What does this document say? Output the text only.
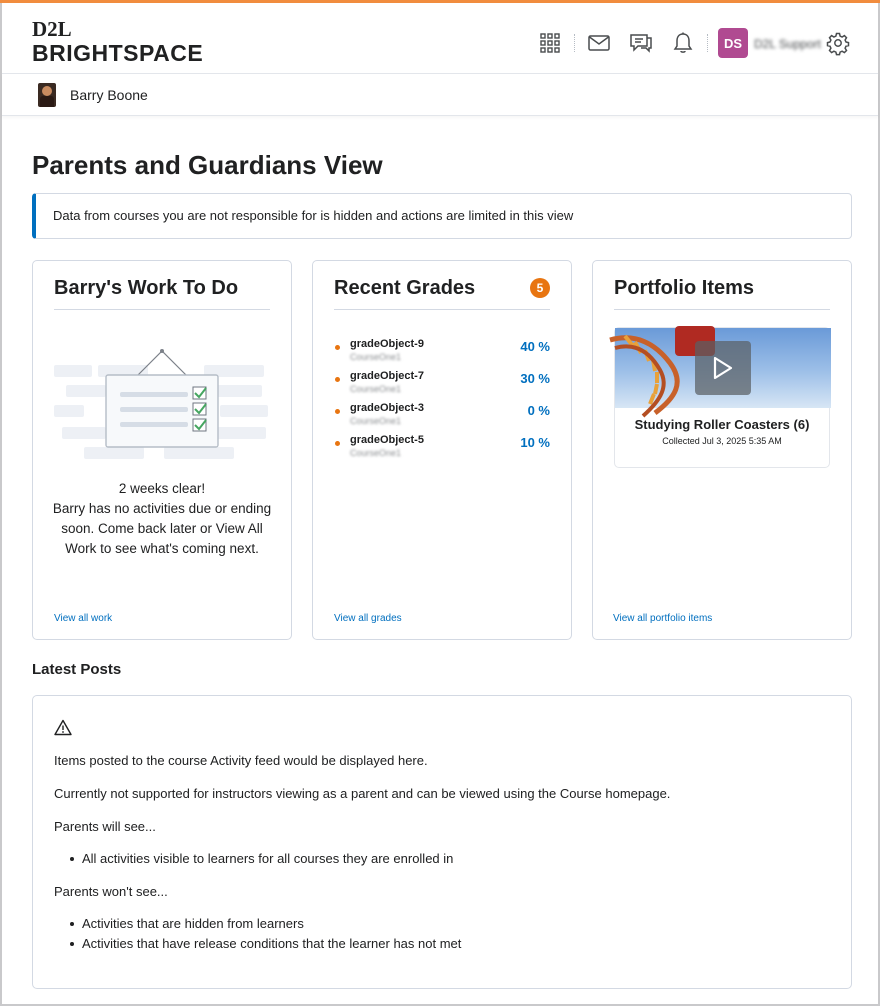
D2L
BRIGHTSPACE	DS D2L Support
Barry Boone
Parents and Guardians View
Data from courses you are not responsible for is hidden and actions are limited in this view
Barry's Work To Do
2 weeks clear!
Barry has no activities due or ending soon. Come back later or View All Work to see what's coming next.
View all work
Recent Grades	5
gradeObject-9
CourseOne1
40 %
gradeObject-7
CourseOne1
30 %
gradeObject-3
CourseOne1
0 %
gradeObject-5
CourseOne1
10 %
View all grades
Portfolio Items
Studying Roller Coasters (6)
Collected Jul 3, 2025 5:35 AM
View all portfolio items
Latest Posts

Items posted to the course Activity feed would be displayed here.

Currently not supported for instructors viewing as a parent and can be viewed using the Course homepage.

Parents will see...

All activities visible to learners for all courses they are enrolled in

Parents won't see...

Activities that are hidden from learners
Activities that have release conditions that the learner has not met
